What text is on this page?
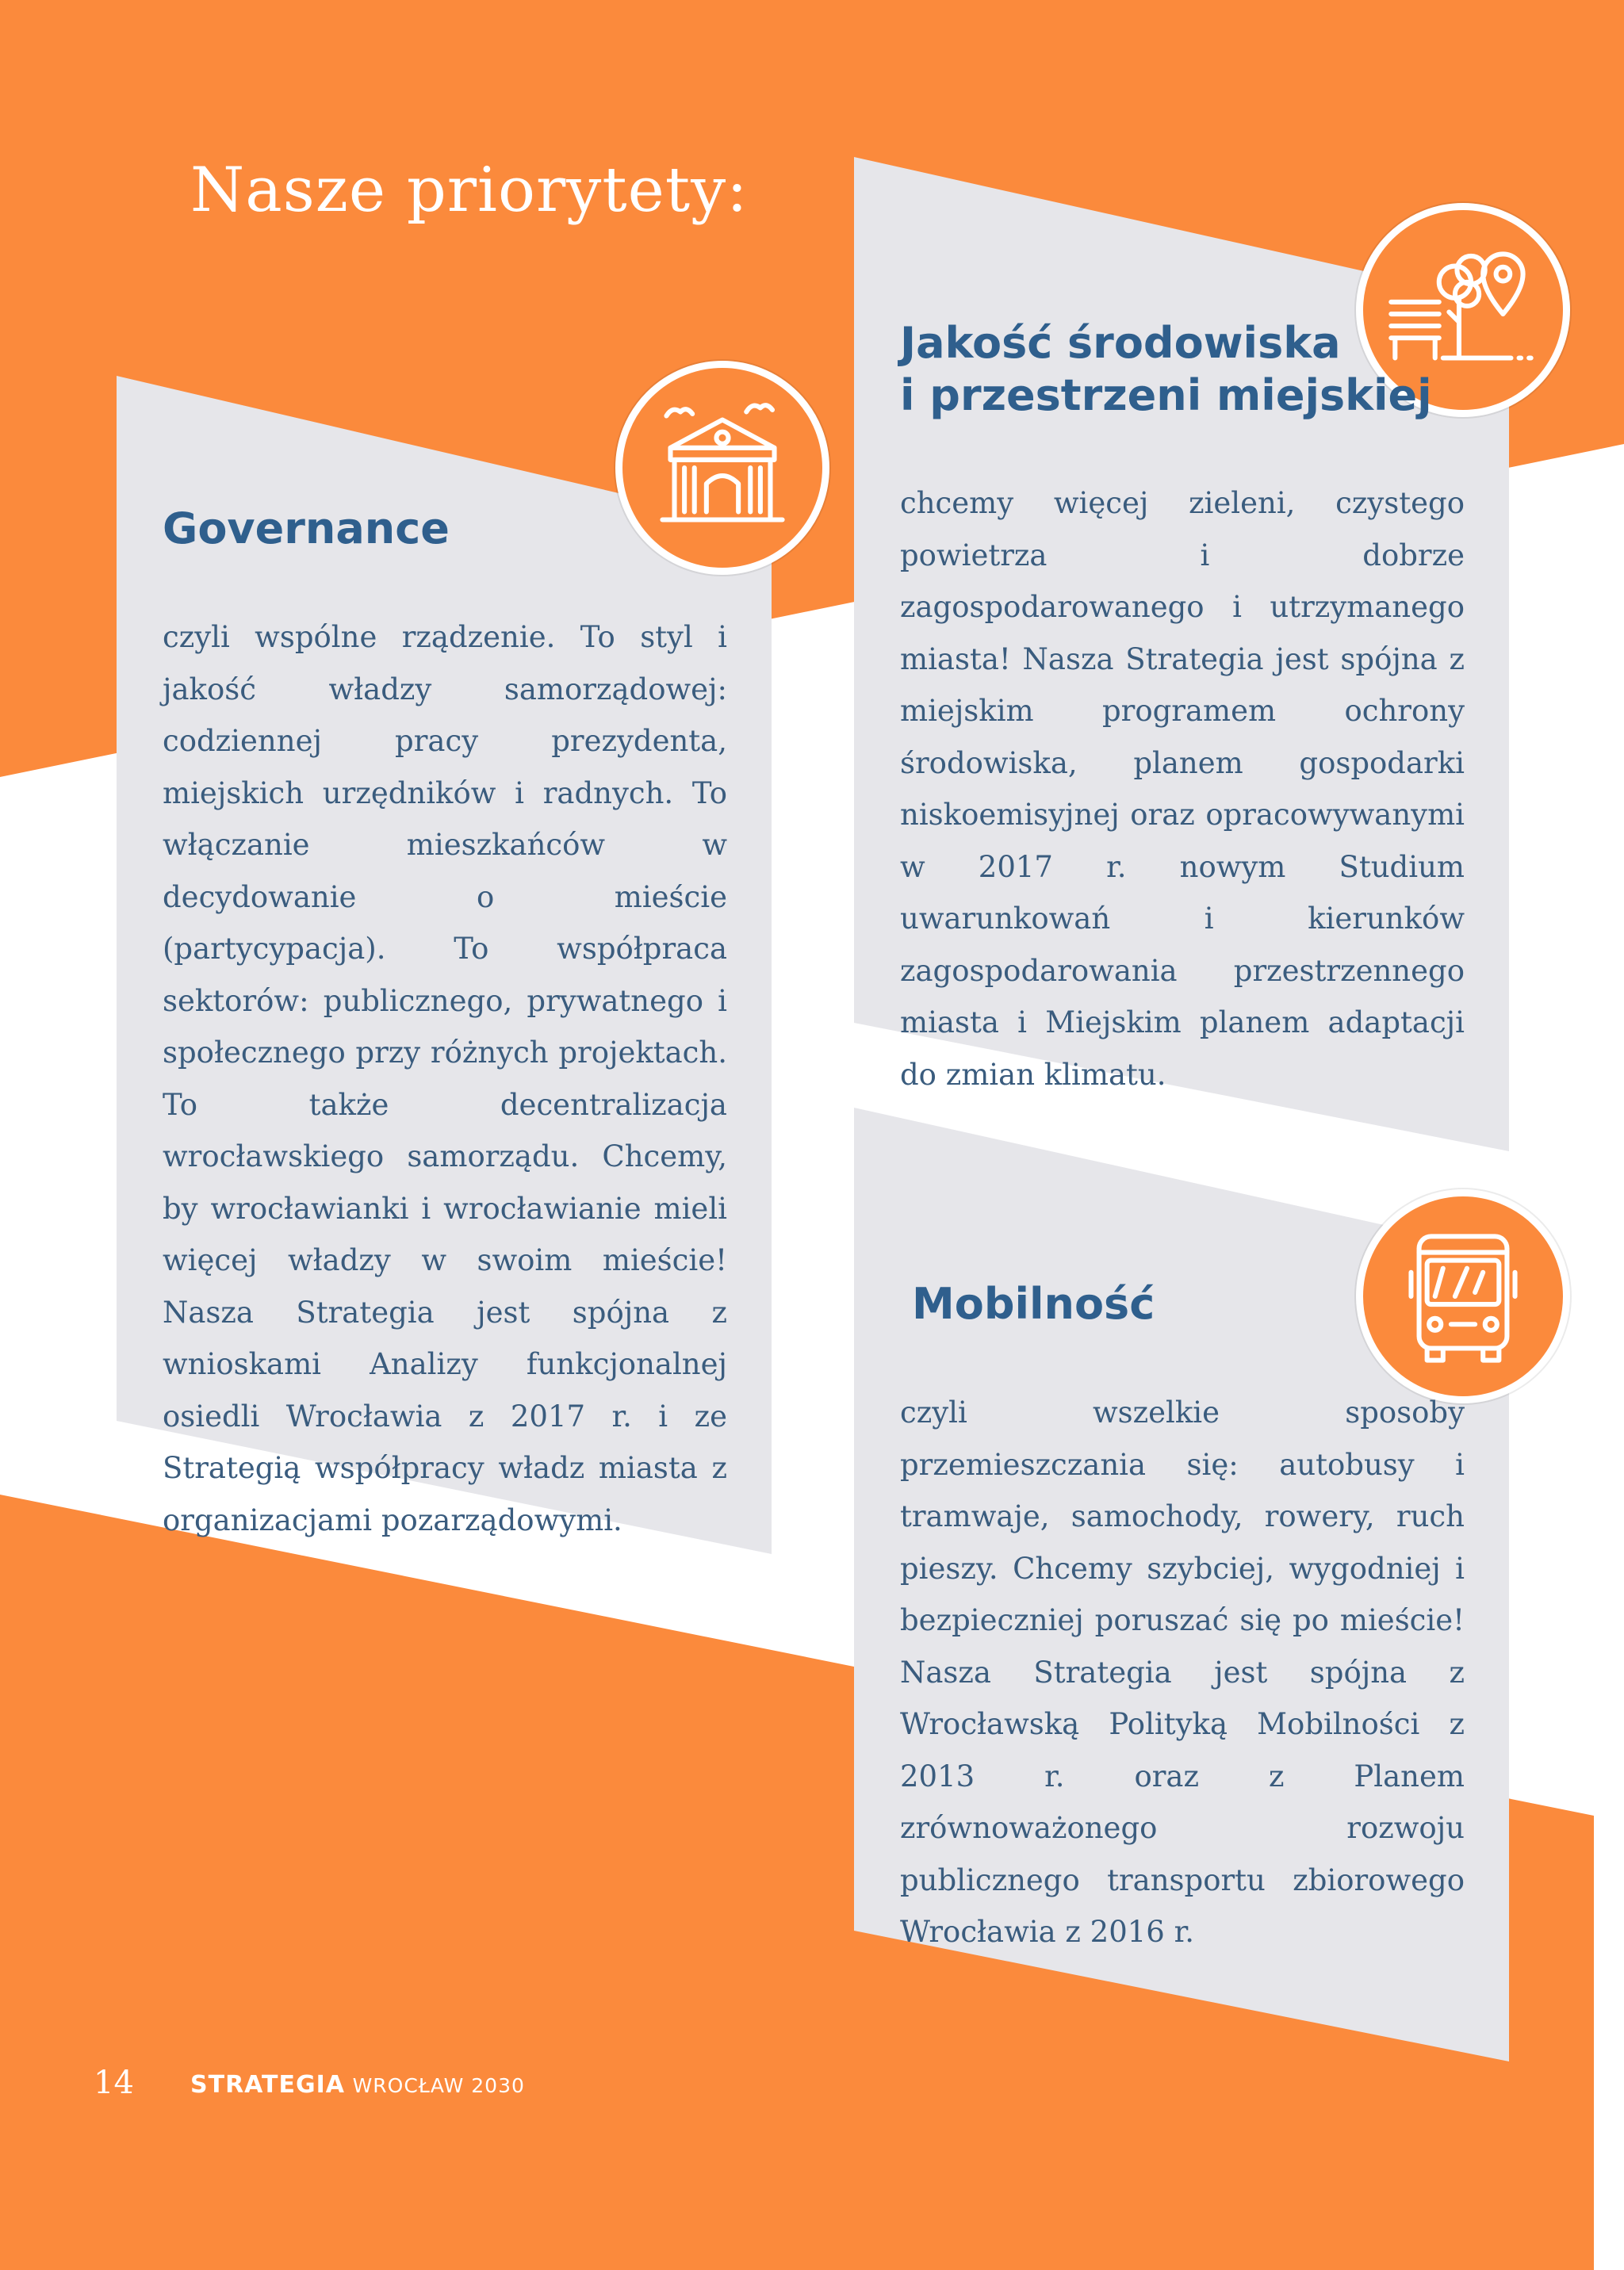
Nasze priorytety:
Governance

czyli wspólne rządzenie. To styl i jakość władzy samorządowej: codziennej pracy prezydenta, miejskich urzędników i radnych. To włączanie mieszkańców w decydowanie o mieście (partycypacja). To współpraca sektorów: publicznego, prywatnego i społecznego przy różnych projektach. To także decentralizacja wrocławskiego samorządu. Chcemy, by wrocławianki i wrocławianie mieli więcej władzy w swoim mieście! Nasza Strategia jest spójna z wnioskami Analizy funkcjonalnej osiedli Wrocławia z 2017 r. i ze Strategią współpracy władz miasta z organizacjami pozarządowymi.

Jakość środowiska
i przestrzeni miejskiej

chcemy więcej zieleni, czystego powietrza i dobrze zagospodarowanego i utrzymanego miasta! Nasza Strategia jest spójna z miejskim programem ochrony środowiska, planem gospodarki niskoemisyjnej oraz opracowywanymi w 2017 r. nowym Studium uwarunkowań i kierunków zagospodarowania przestrzennego miasta i Miejskim planem adaptacji do zmian klimatu.

Mobilność

czyli wszelkie sposoby przemieszczania się: autobusy i tramwaje, samochody, rowery, ruch pieszy. Chcemy szybciej, wygodniej i bezpieczniej poruszać się po mieście! Nasza Strategia jest spójna z Wrocławską Polityką Mobilności z 2013 r. oraz z Planem zrównoważonego rozwoju publicznego transportu zbiorowego Wrocławia z 2016 r.

14 STRATEGIA WROCŁAW 2030
